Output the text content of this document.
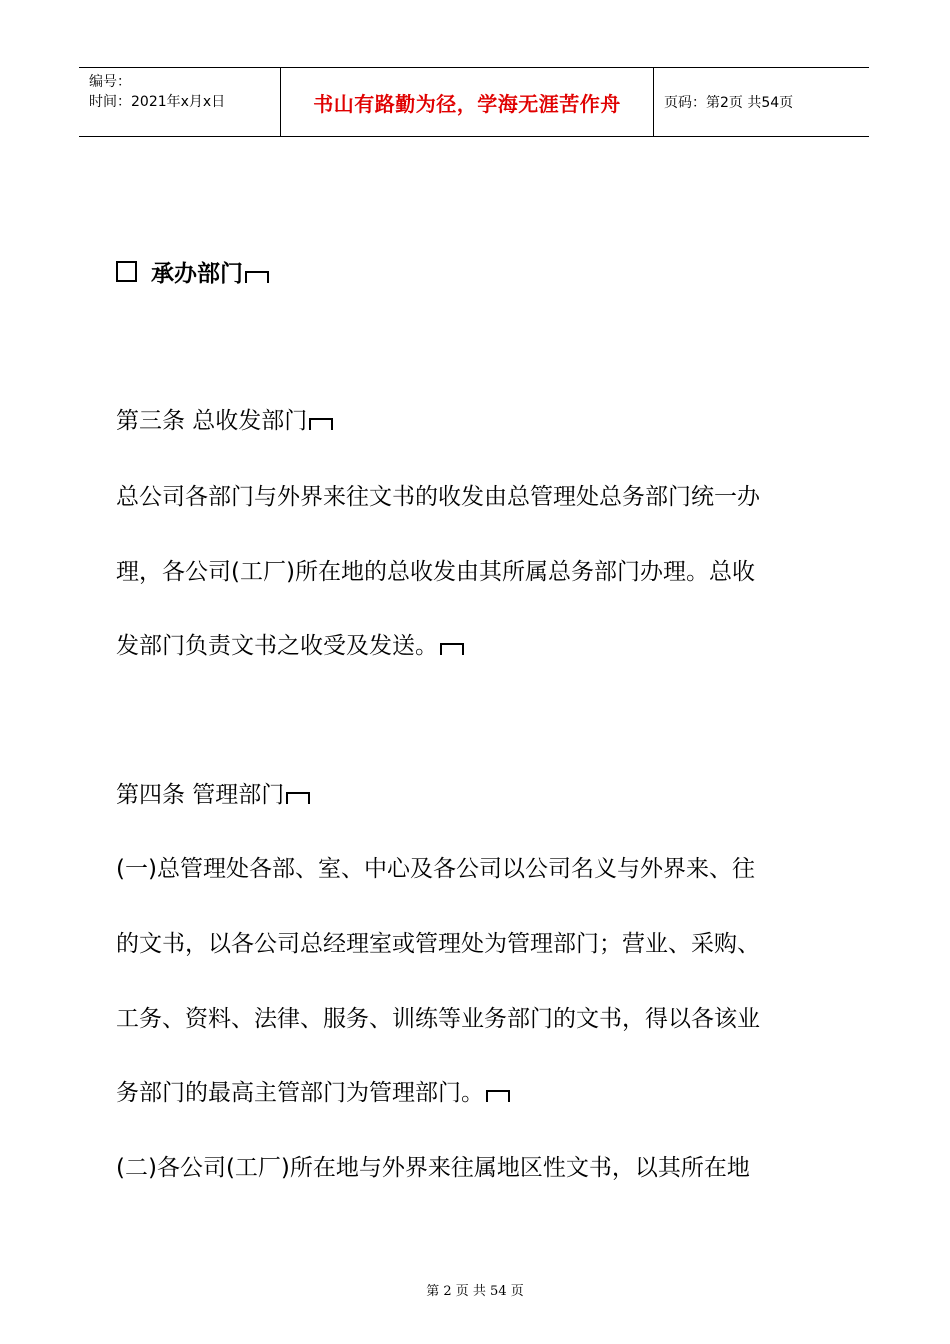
编号：
时间：2021年x月x日	书山有路勤为径，学海无涯苦作舟	页码：第2页 共54页
承办部门
第三条 总收发部门
总公司各部门与外界来往文书的收发由总管理处总务部门统一办
理，各公司(工厂)所在地的总收发由其所属总务部门办理。总收
发部门负责文书之收受及发送。
第四条 管理部门
(一)总管理处各部、室、中心及各公司以公司名义与外界来、往
的文书，以各公司总经理室或管理处为管理部门；营业、采购、
工务、资料、法律、服务、训练等业务部门的文书，得以各该业
务部门的最高主管部门为管理部门。
(二)各公司(工厂)所在地与外界来往属地区性文书，以其所在地
第 2 页 共 54 页
